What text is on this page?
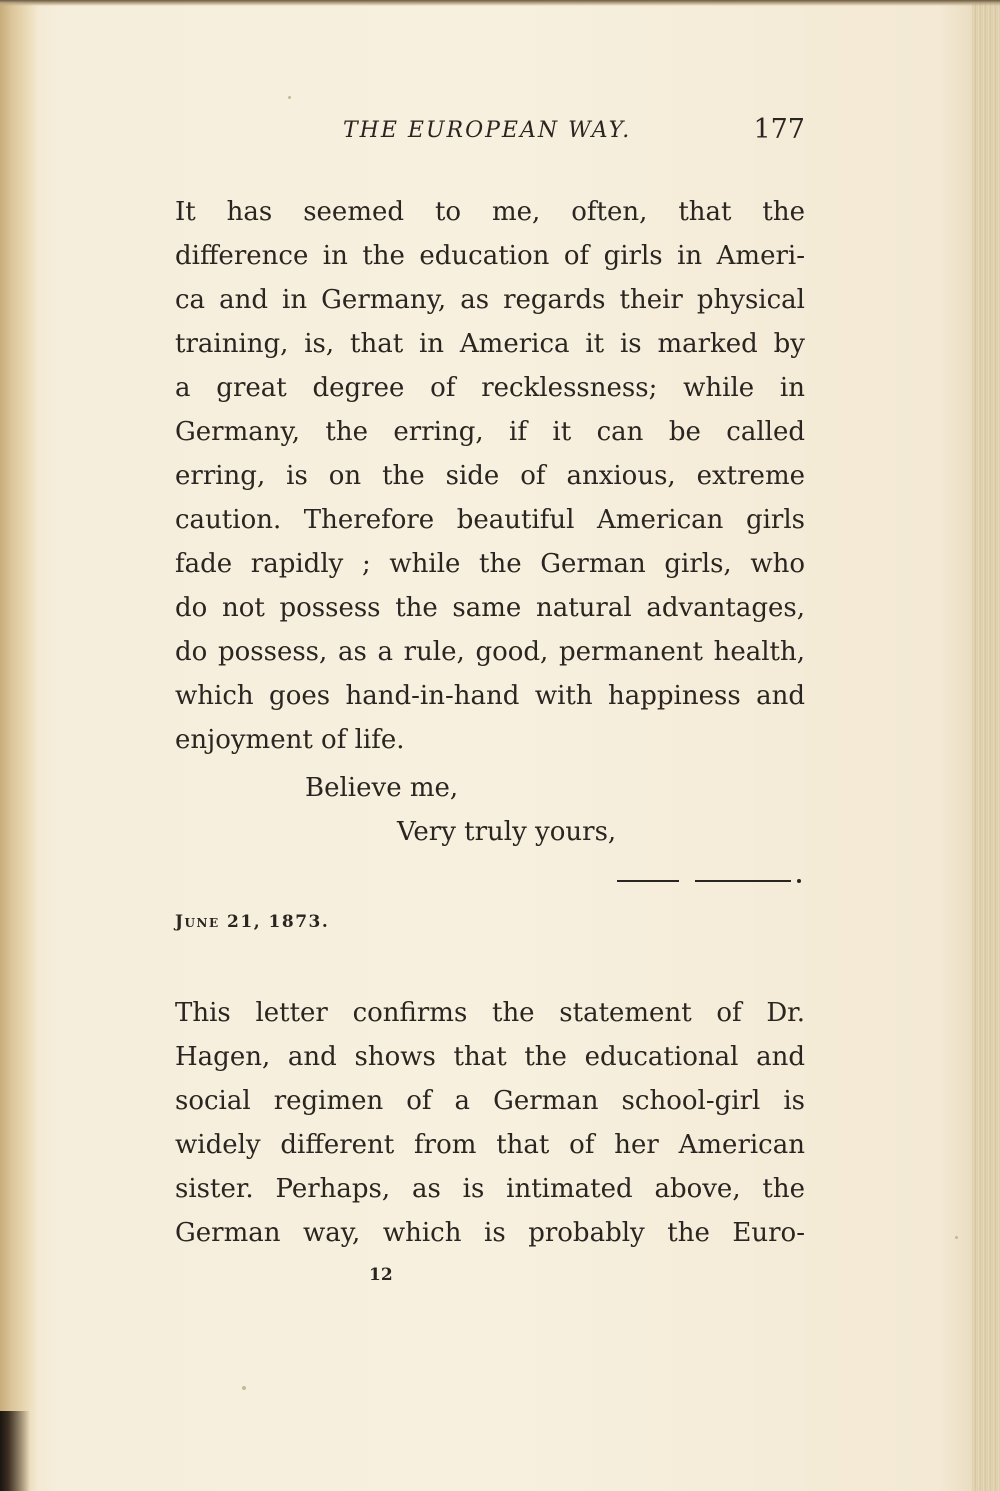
THE EUROPEAN WAY.	177
It has seemed to me, often, that the
difference in the education of girls in Ameri-
ca and in Germany, as regards their physical
training, is, that in America it is marked by
a great degree of recklessness; while in
Germany, the erring, if it can be called
erring, is on the side of anxious, extreme
caution. Therefore beautiful American girls
fade rapidly ; while the German girls, who
do not possess the same natural advantages,
do possess, as a rule, good, permanent health,
which goes hand-in-hand with happiness and
enjoyment of life.
Believe me,
Very truly yours,
June 21, 1873.
This letter confirms the statement of Dr.
Hagen, and shows that the educational and
social regimen of a German school-girl is
widely different from that of her American
sister. Perhaps, as is intimated above, the
German way, which is probably the Euro-
12
